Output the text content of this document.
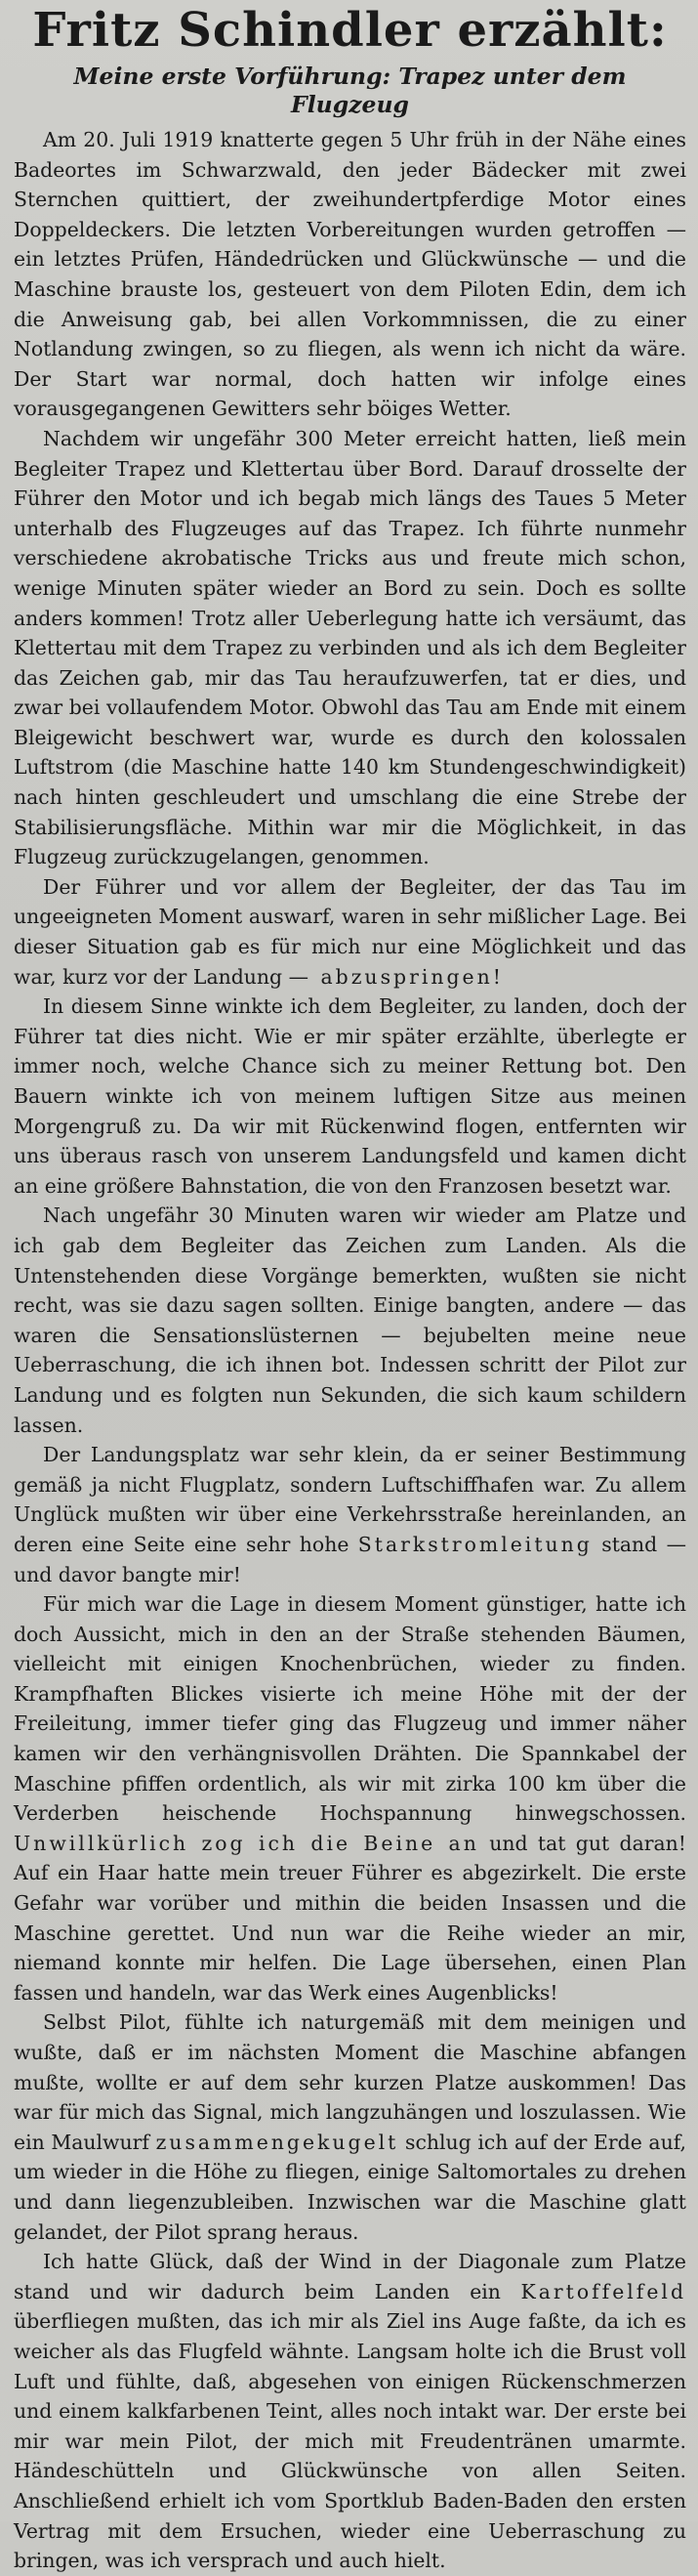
Fritz Schindler erzählt:
Meine erste Vorführung: Trapez unter dem Flugzeug

Am 20. Juli 1919 knatterte gegen 5 Uhr früh in der Nähe eines Badeortes im Schwarzwald, den jeder Bädecker mit zwei Sternchen quittiert, der zweihundertpferdige Motor eines Doppeldeckers. Die letzten Vorbereitungen wurden getroffen — ein letztes Prüfen, Händedrücken und Glückwünsche — und die Maschine brauste los, gesteuert von dem Piloten Edin, dem ich die Anweisung gab, bei allen Vorkommnissen, die zu einer Notlandung zwingen, so zu fliegen, als wenn ich nicht da wäre. Der Start war normal, doch hatten wir infolge eines vorausgegangenen Gewitters sehr böiges Wetter.

Nachdem wir ungefähr 300 Meter erreicht hatten, ließ mein Begleiter Trapez und Klettertau über Bord. Darauf drosselte der Führer den Motor und ich begab mich längs des Taues 5 Meter unterhalb des Flugzeuges auf das Trapez. Ich führte nunmehr verschiedene akrobatische Tricks aus und freute mich schon, wenige Minuten später wieder an Bord zu sein. Doch es sollte anders kommen! Trotz aller Ueberlegung hatte ich versäumt, das Klettertau mit dem Trapez zu verbinden und als ich dem Begleiter das Zeichen gab, mir das Tau heraufzuwerfen, tat er dies, und zwar bei vollaufendem Motor. Obwohl das Tau am Ende mit einem Bleigewicht beschwert war, wurde es durch den kolossalen Luftstrom (die Maschine hatte 140 km Stundengeschwindigkeit) nach hinten geschleudert und umschlang die eine Strebe der Stabilisierungsfläche. Mithin war mir die Möglichkeit, in das Flugzeug zurückzugelangen, genommen.

Der Führer und vor allem der Begleiter, der das Tau im ungeeigneten Moment auswarf, waren in sehr mißlicher Lage. Bei dieser Situation gab es für mich nur eine Möglichkeit und das war, kurz vor der Landung — abzuspringen!

In diesem Sinne winkte ich dem Begleiter, zu landen, doch der Führer tat dies nicht. Wie er mir später erzählte, überlegte er immer noch, welche Chance sich zu meiner Rettung bot. Den Bauern winkte ich von meinem luftigen Sitze aus meinen Morgengruß zu. Da wir mit Rückenwind flogen, entfernten wir uns überaus rasch von unserem Landungsfeld und kamen dicht an eine größere Bahnstation, die von den Franzosen besetzt war.

Nach ungefähr 30 Minuten waren wir wieder am Platze und ich gab dem Begleiter das Zeichen zum Landen. Als die Untenstehenden diese Vorgänge bemerkten, wußten sie nicht recht, was sie dazu sagen sollten. Einige bangten, andere — das waren die Sensationslüsternen — bejubelten meine neue Ueberraschung, die ich ihnen bot. Indessen schritt der Pilot zur Landung und es folgten nun Sekunden, die sich kaum schildern lassen.

Der Landungsplatz war sehr klein, da er seiner Bestimmung gemäß ja nicht Flugplatz, sondern Luftschiffhafen war. Zu allem Unglück mußten wir über eine Verkehrsstraße hereinlanden, an deren eine Seite eine sehr hohe Starkstromleitung stand — und davor bangte mir!

Für mich war die Lage in diesem Moment günstiger, hatte ich doch Aussicht, mich in den an der Straße stehenden Bäumen, vielleicht mit einigen Knochenbrüchen, wieder zu finden. Krampfhaften Blickes visierte ich meine Höhe mit der der Freileitung, immer tiefer ging das Flugzeug und immer näher kamen wir den verhängnisvollen Drähten. Die Spannkabel der Maschine pfiffen ordentlich, als wir mit zirka 100 km über die Verderben heischende Hochspannung hinwegschossen. Unwillkürlich zog ich die Beine an und tat gut daran! Auf ein Haar hatte mein treuer Führer es abgezirkelt. Die erste Gefahr war vorüber und mithin die beiden Insassen und die Maschine gerettet. Und nun war die Reihe wieder an mir, niemand konnte mir helfen. Die Lage übersehen, einen Plan fassen und handeln, war das Werk eines Augenblicks!

Selbst Pilot, fühlte ich naturgemäß mit dem meinigen und wußte, daß er im nächsten Moment die Maschine abfangen mußte, wollte er auf dem sehr kurzen Platze auskommen! Das war für mich das Signal, mich langzuhängen und loszulassen. Wie ein Maulwurf zusammengekugelt schlug ich auf der Erde auf, um wieder in die Höhe zu fliegen, einige Saltomortales zu drehen und dann liegenzubleiben. Inzwischen war die Maschine glatt gelandet, der Pilot sprang heraus.

Ich hatte Glück, daß der Wind in der Diagonale zum Platze stand und wir dadurch beim Landen ein Kartoffelfeld überfliegen mußten, das ich mir als Ziel ins Auge faßte, da ich es weicher als das Flugfeld wähnte. Langsam holte ich die Brust voll Luft und fühlte, daß, abgesehen von einigen Rückenschmerzen und einem kalkfarbenen Teint, alles noch intakt war. Der erste bei mir war mein Pilot, der mich mit Freudentränen umarmte. Händeschütteln und Glückwünsche von allen Seiten. Anschließend erhielt ich vom Sportklub Baden-Baden den ersten Vertrag mit dem Ersuchen, wieder eine Ueberraschung zu bringen, was ich versprach und auch hielt.
